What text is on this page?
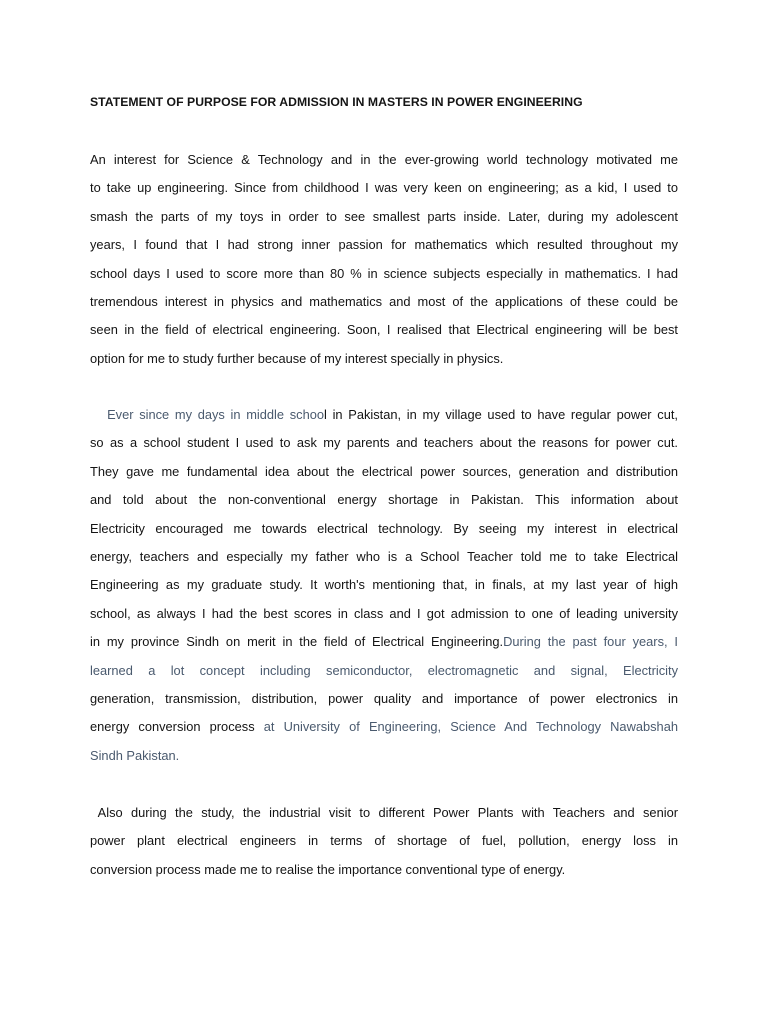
STATEMENT OF PURPOSE FOR ADMISSION IN MASTERS IN POWER ENGINEERING
An interest for Science & Technology and in the ever-growing world technology motivated me
to take up engineering. Since from childhood I was very keen on engineering; as a kid, I used to
smash the parts of my toys in order to see smallest parts inside. Later, during my adolescent
years, I found that I had strong inner passion for mathematics which resulted throughout my
school days I used to score more than 80 % in science subjects especially in mathematics. I had
tremendous interest in physics and mathematics and most of the applications of these could be
seen in the field of electrical engineering. Soon, I realised that Electrical engineering will be best
option for me to study further because of my interest specially in physics.
Ever since my days in middle school in Pakistan, in my village used to have regular power cut,
so as a school student I used to ask my parents and teachers about the reasons for power cut.
They gave me fundamental idea about the electrical power sources, generation and distribution
and told about the non-conventional energy shortage in Pakistan. This information about
Electricity encouraged me towards electrical technology. By seeing my interest in electrical
energy, teachers and especially my father who is a School Teacher told me to take Electrical
Engineering as my graduate study. It worth's mentioning that, in finals, at my last year of high
school, as always I had the best scores in class and I got admission to one of leading university
in my province Sindh on merit in the field of Electrical Engineering.During the past four years, I
learned a lot concept including semiconductor, electromagnetic and signal, Electricity
generation, transmission, distribution, power quality and importance of power electronics in
energy conversion process at University of Engineering, Science And Technology Nawabshah
Sindh Pakistan.
Also during the study, the industrial visit to different Power Plants with Teachers and senior
power plant electrical engineers in terms of shortage of fuel, pollution, energy loss in
conversion process made me to realise the importance conventional type of energy.
